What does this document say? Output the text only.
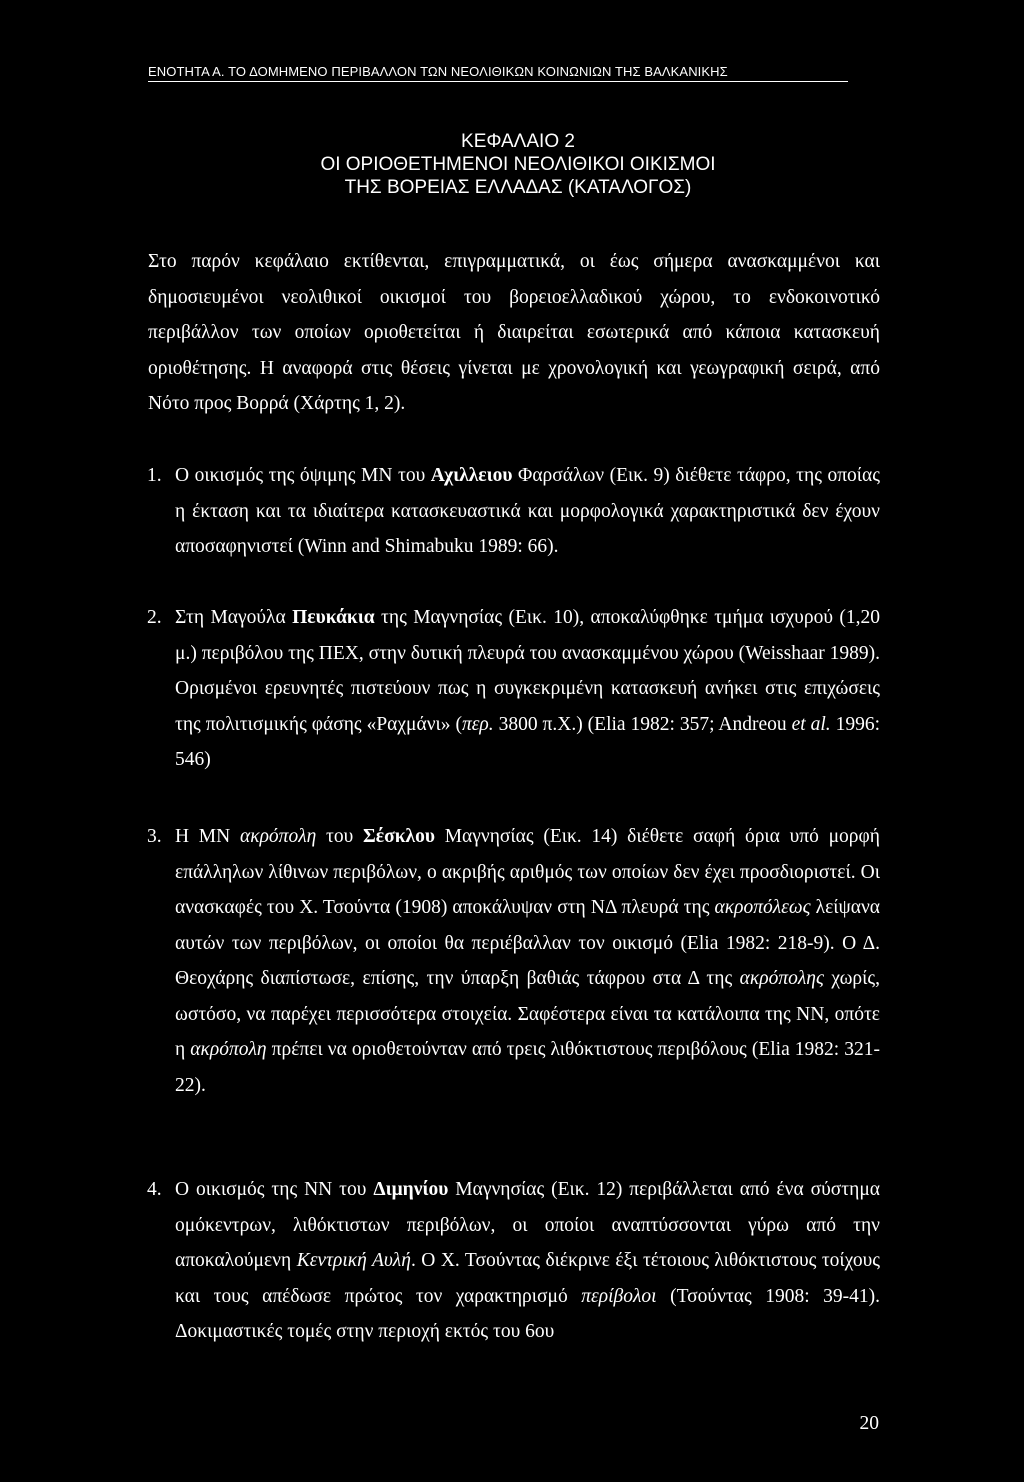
ΕΝΟΤΗΤΑ Α. ΤΟ ΔΟΜΗΜΕΝΟ ΠΕΡΙΒΑΛΛΟΝ ΤΩΝ ΝΕΟΛΙΘΙΚΩΝ ΚΟΙΝΩΝΙΩΝ ΤΗΣ ΒΑΛΚΑΝΙΚΗΣ
ΚΕΦΑΛΑΙΟ 2
ΟΙ ΟΡΙΟΘΕΤΗΜΕΝΟΙ ΝΕΟΛΙΘΙΚΟΙ ΟΙΚΙΣΜΟΙ
ΤΗΣ ΒΟΡΕΙΑΣ ΕΛΛΑΔΑΣ (ΚΑΤΑΛΟΓΟΣ)

Στο παρόν κεφάλαιο εκτίθενται, επιγραμματικά, οι έως σήμερα ανασκαμμένοι και δημοσιευμένοι νεολιθικοί οικισμοί του βορειοελλαδικού χώρου, το ενδοκοινοτικό περιβάλλον των οποίων οριοθετείται ή διαιρείται εσωτερικά από κάποια κατασκευή οριοθέτησης. Η αναφορά στις θέσεις γίνεται με χρονολογική και γεωγραφική σειρά, από Νότο προς Βορρά (Χάρτης 1, 2).

1. Ο οικισμός της όψιμης ΜΝ του Αχιλλειου Φαρσάλων (Εικ. 9) διέθετε τάφρο, της οποίας η έκταση και τα ιδιαίτερα κατασκευαστικά και μορφολογικά χαρακτηριστικά δεν έχουν αποσαφηνιστεί (Winn and Shimabuku 1989: 66).
2. Στη Μαγούλα Πευκάκια της Μαγνησίας (Εικ. 10), αποκαλύφθηκε τμήμα ισχυρού (1,20 μ.) περιβόλου της ΠΕΧ, στην δυτική πλευρά του ανασκαμμένου χώρου (Weisshaar 1989). Ορισμένοι ερευνητές πιστεύουν πως η συγκεκριμένη κατασκευή ανήκει στις επιχώσεις της πολιτισμικής φάσης «Ραχμάνι» (περ. 3800 π.Χ.) (Elia 1982: 357; Andreou et al. 1996: 546)
3. Η ΜΝ ακρόπολη του Σέσκλου Μαγνησίας (Εικ. 14) διέθετε σαφή όρια υπό μορφή επάλληλων λίθινων περιβόλων, ο ακριβής αριθμός των οποίων δεν έχει προσδιοριστεί. Οι ανασκαφές του Χ. Τσούντα (1908) αποκάλυψαν στη ΝΔ πλευρά της ακροπόλεως λείψανα αυτών των περιβόλων, οι οποίοι θα περιέβαλλαν τον οικισμό (Elia 1982: 218-9). Ο Δ. Θεοχάρης διαπίστωσε, επίσης, την ύπαρξη βαθιάς τάφρου στα Δ της ακρόπολης χωρίς, ωστόσο, να παρέχει περισσότερα στοιχεία. Σαφέστερα είναι τα κατάλοιπα της ΝΝ, οπότε η ακρόπολη πρέπει να οριοθετούνταν από τρεις λιθόκτιστους περιβόλους (Elia 1982: 321-22).
4. Ο οικισμός της ΝΝ του Διμηνίου Μαγνησίας (Εικ. 12) περιβάλλεται από ένα σύστημα ομόκεντρων, λιθόκτιστων περιβόλων, οι οποίοι αναπτύσσονται γύρω από την αποκαλούμενη Κεντρική Αυλή. Ο Χ. Τσούντας διέκρινε έξι τέτοιους λιθόκτιστους τοίχους και τους απέδωσε πρώτος τον χαρακτηρισμό περίβολοι (Τσούντας 1908: 39-41). Δοκιμαστικές τομές στην περιοχή εκτός του 6ου
20
